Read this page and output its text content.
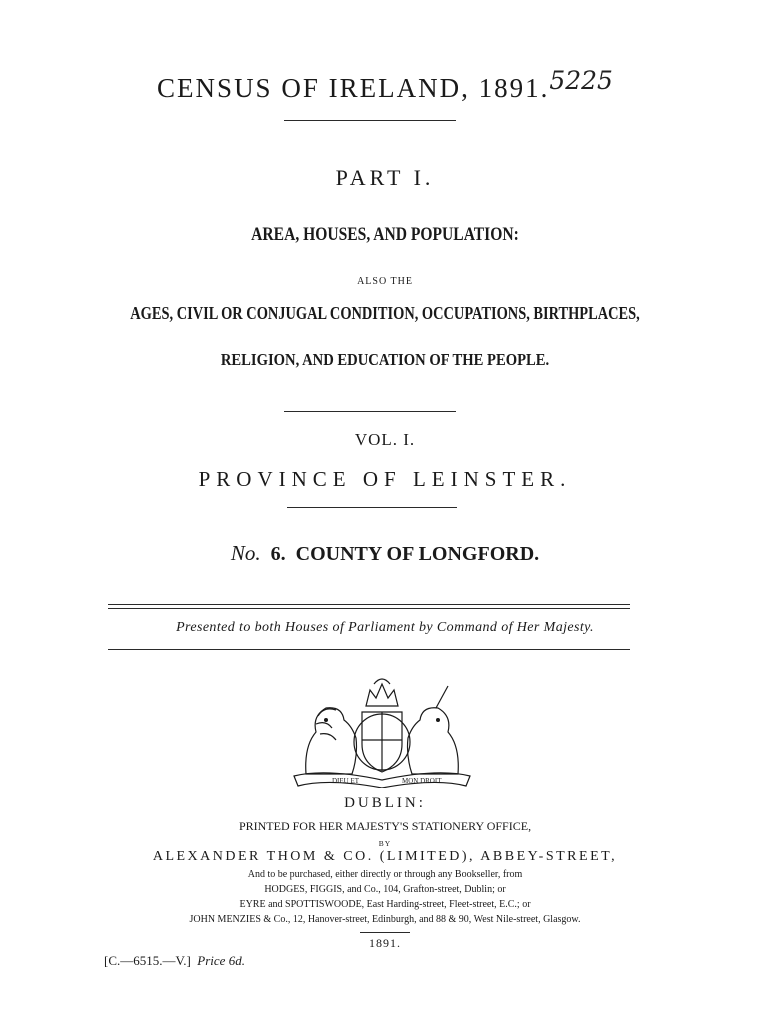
CENSUS OF IRELAND, 1891.5225
PART I.
AREA, HOUSES, AND POPULATION:
ALSO THE
AGES, CIVIL OR CONJUGAL CONDITION, OCCUPATIONS, BIRTHPLACES,
RELIGION, AND EDUCATION OF THE PEOPLE.
VOL. I.
PROVINCE OF LEINSTER.
No. 6. COUNTY OF LONGFORD.
Presented to both Houses of Parliament by Command of Her Majesty.
DIEU ET	MON DROIT
DUBLIN:
PRINTED FOR HER MAJESTY'S STATIONERY OFFICE,
BY
ALEXANDER THOM & CO. (LIMITED), ABBEY-STREET,
And to be purchased, either directly or through any Bookseller, from
HODGES, FIGGIS, and Co., 104, Grafton-street, Dublin; or
EYRE and SPOTTISWOODE, East Harding-street, Fleet-street, E.C.; or
JOHN MENZIES & Co., 12, Hanover-street, Edinburgh, and 88 & 90, West Nile-street, Glasgow.
1891.
[C.—6515.—V.] Price 6d.
